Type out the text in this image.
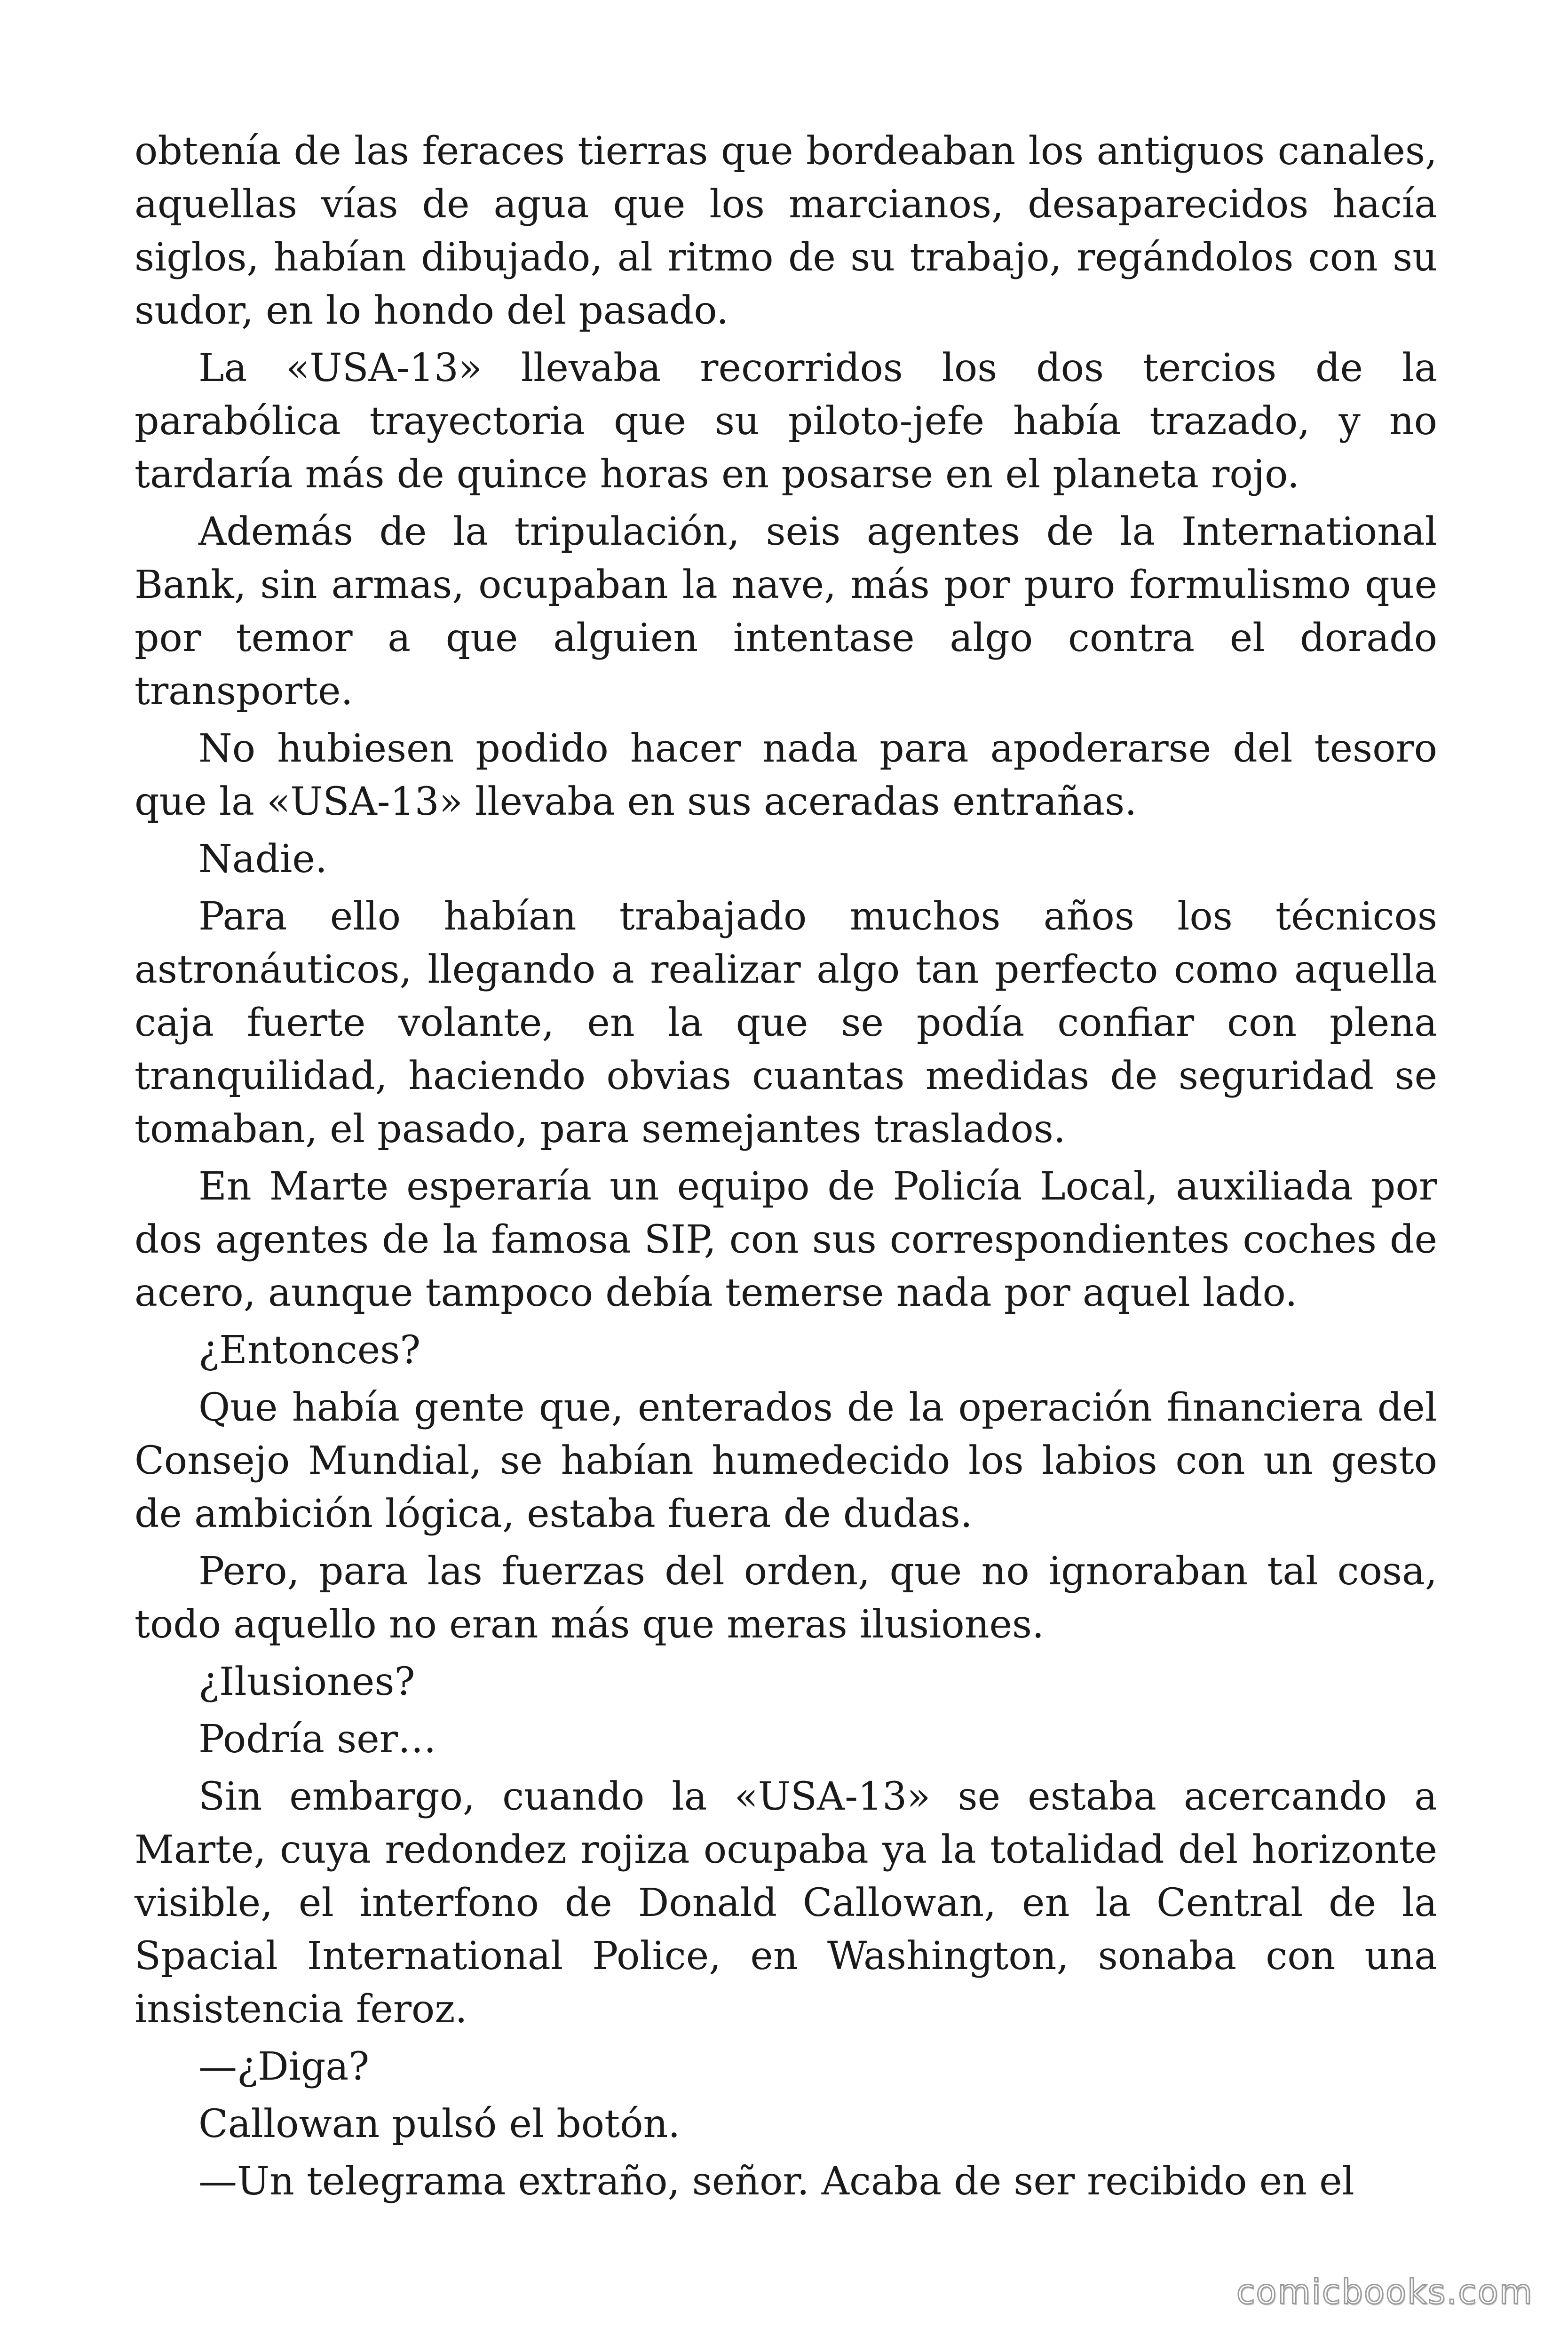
obtenía de las feraces tierras que bordeaban los antiguos canales, aquellas vías de agua que los marcianos, desaparecidos hacía siglos, habían dibujado, al ritmo de su trabajo, regándolos con su sudor, en lo hondo del pasado.

La «USA-13» llevaba recorridos los dos tercios de la parabólica trayectoria que su piloto-jefe había trazado, y no tardaría más de quince horas en posarse en el planeta rojo.

Además de la tripulación, seis agentes de la International Bank, sin armas, ocupaban la nave, más por puro formulismo que por temor a que alguien intentase algo contra el dorado transporte.

No hubiesen podido hacer nada para apoderarse del tesoro que la «USA-13» llevaba en sus aceradas entrañas.

Nadie.

Para ello habían trabajado muchos años los técnicos astronáuticos, llegando a realizar algo tan perfecto como aquella caja fuerte volante, en la que se podía confiar con plena tranquilidad, haciendo obvias cuantas medidas de seguridad se tomaban, el pasado, para semejantes traslados.

En Marte esperaría un equipo de Policía Local, auxiliada por dos agentes de la famosa SIP, con sus correspondientes coches de acero, aunque tampoco debía temerse nada por aquel lado.

¿Entonces?

Que había gente que, enterados de la operación financiera del Consejo Mundial, se habían humedecido los labios con un gesto de ambición lógica, estaba fuera de dudas.

Pero, para las fuerzas del orden, que no ignoraban tal cosa, todo aquello no eran más que meras ilusiones.

¿Ilusiones?

Podría ser…

Sin embargo, cuando la «USA-13» se estaba acercando a Marte, cuya redondez rojiza ocupaba ya la totalidad del horizonte visible, el interfono de Donald Callowan, en la Central de la Spacial International Police, en Washington, sonaba con una insistencia feroz.

—¿Diga?

Callowan pulsó el botón.

—Un telegrama extraño, señor. Acaba de ser recibido en el

comicbooks.com
